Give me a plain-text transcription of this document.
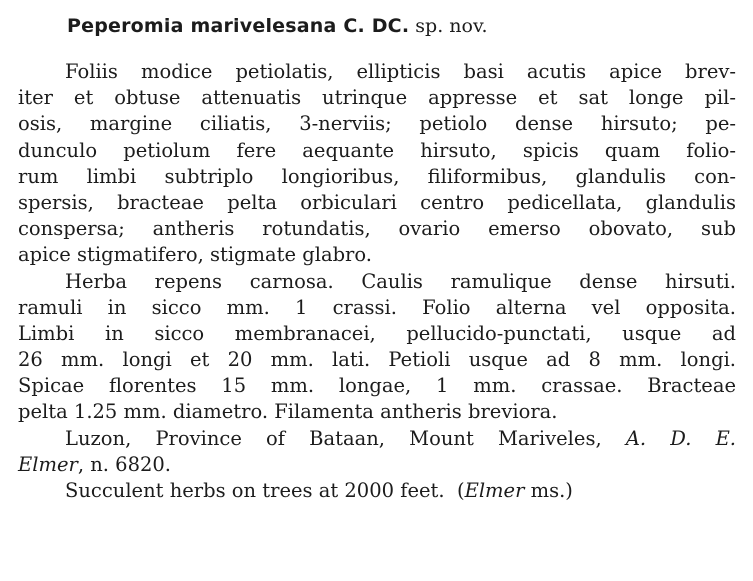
Peperomia marivelesana C. DC. sp. nov.
Foliis modice petiolatis, ellipticis basi acutis apice brev-
iter et obtuse attenuatis utrinque appresse et sat longe pil-
osis, margine ciliatis, 3-nerviis; petiolo dense hirsuto; pe-
dunculo petiolum fere aequante hirsuto, spicis quam folio-
rum limbi subtriplo longioribus, filiformibus, glandulis con-
spersis, bracteae pelta orbiculari centro pedicellata, glandulis
conspersa; antheris rotundatis, ovario emerso obovato, sub
apice stigmatifero, stigmate glabro.
Herba repens carnosa. Caulis ramulique dense hirsuti.
ramuli in sicco mm. 1 crassi. Folio alterna vel opposita.
Limbi in sicco membranacei, pellucido-punctati, usque ad
26 mm. longi et 20 mm. lati. Petioli usque ad 8 mm. longi.
Spicae florentes 15 mm. longae, 1 mm. crassae. Bracteae
pelta 1.25 mm. diametro. Filamenta antheris breviora.
Luzon, Province of Bataan, Mount Mariveles, A. D. E.
Elmer, n. 6820.
Succulent herbs on trees at 2000 feet. (Elmer ms.)
